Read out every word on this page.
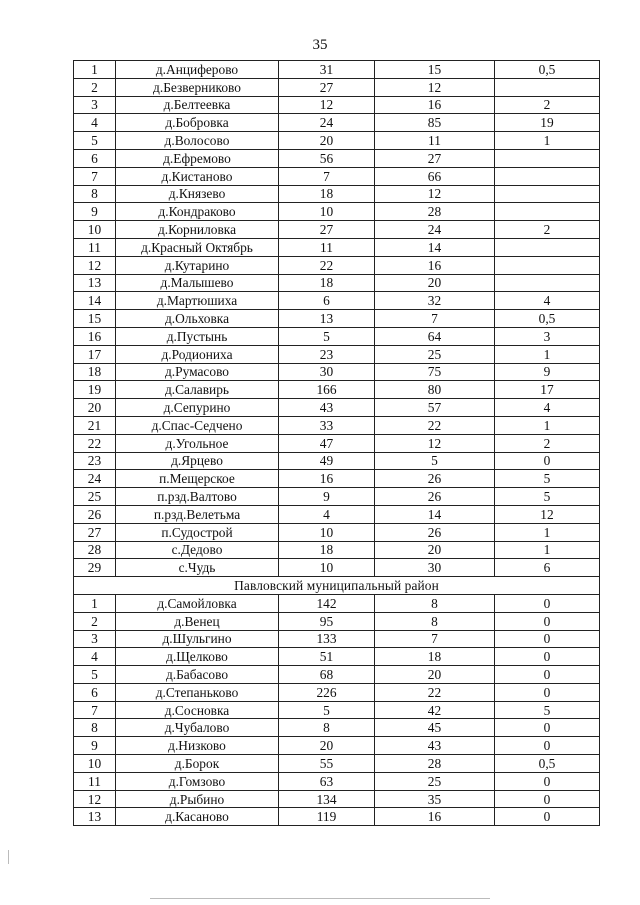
35
1	д.Анциферово	31	15	0,5
2	д.Безверниково	27	12	
3	д.Белтеевка	12	16	2
4	д.Бобровка	24	85	19
5	д.Волосово	20	11	1
6	д.Ефремово	56	27	
7	д.Кистаново	7	66	
8	д.Князево	18	12	
9	д.Кондраково	10	28	
10	д.Корниловка	27	24	2
11	д.Красный Октябрь	11	14	
12	д.Кутарино	22	16	
13	д.Малышево	18	20	
14	д.Мартюшиха	6	32	4
15	д.Ольховка	13	7	0,5
16	д.Пустынь	5	64	3
17	д.Родиониха	23	25	1
18	д.Румасово	30	75	9
19	д.Салавирь	166	80	17
20	д.Сепурино	43	57	4
21	д.Спас-Седчено	33	22	1
22	д.Угольное	47	12	2
23	д.Ярцево	49	5	0
24	п.Мещерское	16	26	5
25	п.рзд.Валтово	9	26	5
26	п.рзд.Велетьма	4	14	12
27	п.Судострой	10	26	1
28	с.Дедово	18	20	1
29	с.Чудь	10	30	6
Павловский муниципальный район				
1	д.Самойловка	142	8	0
2	д.Венец	95	8	0
3	д.Шульгино	133	7	0
4	д.Щелково	51	18	0
5	д.Бабасово	68	20	0
6	д.Степаньково	226	22	0
7	д.Сосновка	5	42	5
8	д.Чубалово	8	45	0
9	д.Низково	20	43	0
10	д.Борок	55	28	0,5
11	д.Гомзово	63	25	0
12	д.Рыбино	134	35	0
13	д.Касаново	119	16	0
